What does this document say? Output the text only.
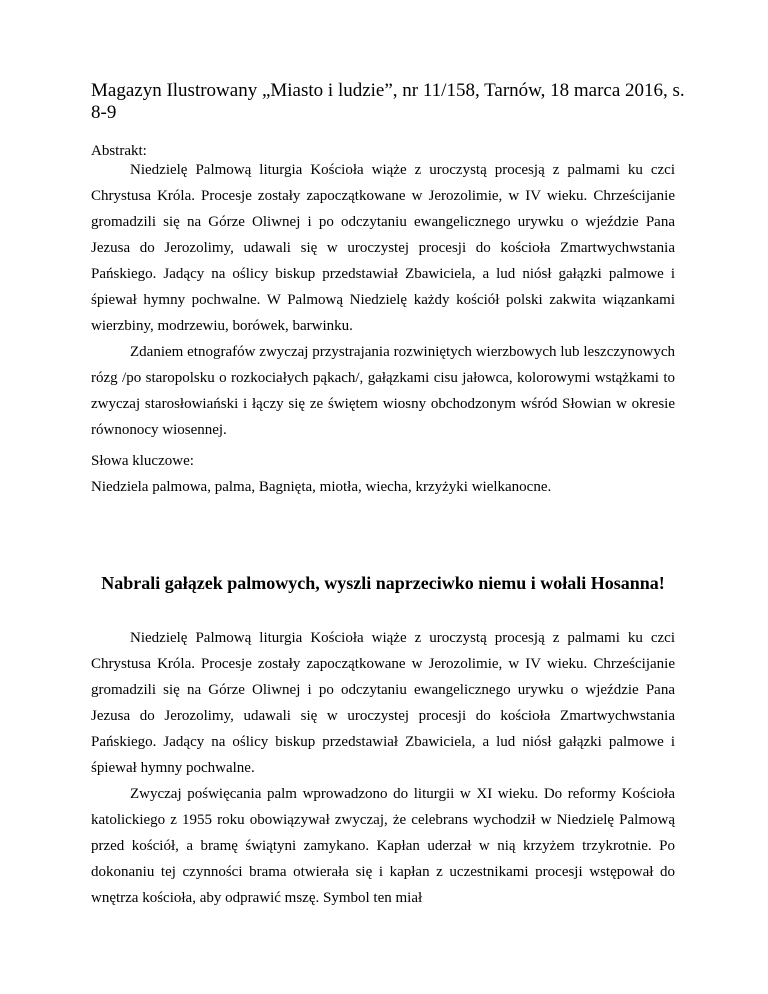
Magazyn Ilustrowany „Miasto i ludzie”, nr 11/158, Tarnów, 18 marca 2016, s. 8-9

Abstrakt:

Niedzielę Palmową liturgia Kościoła wiąże z uroczystą procesją z palmami ku czci Chrystusa Króla. Procesje zostały zapoczątkowane w Jerozolimie, w IV wieku. Chrześcijanie gromadzili się na Górze Oliwnej i po odczytaniu ewangelicznego urywku o wjeździe Pana Jezusa do Jerozolimy, udawali się w uroczystej procesji do kościoła Zmartwychwstania Pańskiego. Jadący na oślicy biskup przedstawiał Zbawiciela, a lud niósł gałązki palmowe i śpiewał hymny pochwalne. W Palmową Niedzielę każdy kościół polski zakwita wiązankami wierzbiny, modrzewiu, borówek, barwinku.

Zdaniem etnografów zwyczaj przystrajania rozwiniętych wierzbowych lub leszczynowych rózg /po staropolsku o rozkociałych pąkach/, gałązkami cisu jałowca, kolorowymi wstążkami to zwyczaj starosłowiański i łączy się ze świętem wiosny obchodzonym wśród Słowian w okresie równonocy wiosennej.

Słowa kluczowe:

Niedziela palmowa, palma, Bagnięta, miotła, wiecha, krzyżyki wielkanocne.

Nabrali gałązek palmowych, wyszli naprzeciwko niemu i wołali Hosanna!

Niedzielę Palmową liturgia Kościoła wiąże z uroczystą procesją z palmami ku czci Chrystusa Króla. Procesje zostały zapoczątkowane w Jerozolimie, w IV wieku. Chrześcijanie gromadzili się na Górze Oliwnej i po odczytaniu ewangelicznego urywku o wjeździe Pana Jezusa do Jerozolimy, udawali się w uroczystej procesji do kościoła Zmartwychwstania Pańskiego. Jadący na oślicy biskup przedstawiał Zbawiciela, a lud niósł gałązki palmowe i śpiewał hymny pochwalne.

Zwyczaj poświęcania palm wprowadzono do liturgii w XI wieku. Do reformy Kościoła katolickiego z 1955 roku obowiązywał zwyczaj, że celebrans wychodził w Niedzielę Palmową przed kościół, a bramę świątyni zamykano. Kapłan uderzał w nią krzyżem trzykrotnie. Po dokonaniu tej czynności brama otwierała się i kapłan z uczestnikami procesji wstępował do wnętrza kościoła, aby odprawić mszę. Symbol ten miał
